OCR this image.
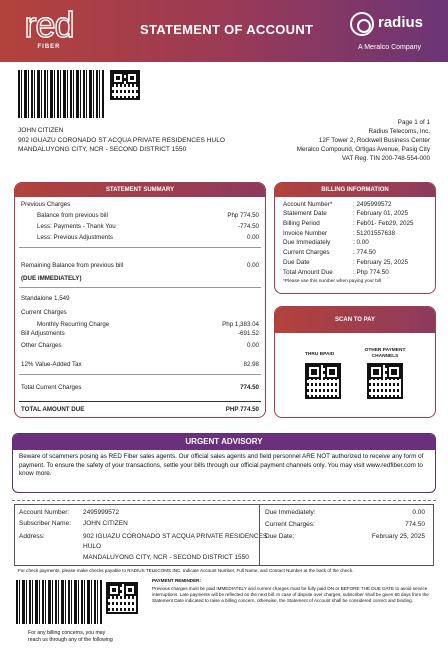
red
FIBER
STATEMENT OF ACCOUNT	radius
A Meralco Company
JOHN CITIZEN
902 IGUAZU CORONADO ST ACQUA PRIVATE RESIDENCES HULO
MANDALUYONG CITY, NCR - SECOND DISTRICT 1550
Page 1 of 1
Radius Telecoms, Inc.
12F Tower 2, Rockwell Business Center
Meralco Compound, Ortigas Avenue, Pasig City
VAT Reg. TIN 200-748-554-000
STATEMENT SUMMARY
Previous Charges
Balance from previous bill	Php 774.50
Less: Payments - Thank You	-774.50
Less: Previous Adjustments	0.00
Remaining Balance from previous bill	0.00
(DUE IMMEDIATELY)
Standalone 1,549
Current Charges
Monthly Recurring Charge	Php 1,383.04
Bill Adjustments	-691.52
Other Charges	0.00
12% Value-Added Tax	82.98
Total Current Charges	774.50
TOTAL AMOUNT DUE	PHP 774.50
BILLING INFORMATION
Account Number*	: 2495999572
Statement Date	: February 01, 2025
Billing Period	: Feb01- Feb29, 2025
Invoice Number	: 51201557638
Due Immediately	: 0.00
Current Charges	: 774.50
Due Date	: February 25, 2025
Total Amount Due	: Php 774.50
*Please use this number when paying your bill
SCAN TO PAY
THRU BPAID
OTHER PAYMENT CHANNELS
URGENT ADVISORY
Beware of scammers posing as RED Fiber sales agents. Our official sales agents and field personnel ARE NOT authorized to receive any form of payment. To ensure the safety of your transactions, settle your bills through our official payment channels only. You may visit www.redfiber.com to know more.
Account Number: 2495999572
Subscriber Name: JOHN CITIZEN
Address:	902 IGUAZU CORONADO ST ACQUA PRIVATE RESIDENCES
HULO
MANDALUYONG CITY, NCR - SECOND DISTRICT 1550
Due Immediately:	0.00
Current Charges:	774.50
Due Date:	February 25, 2025
For check payments, please make checks payable to RADIUS TELECOMS INC. Indicate Account Number, Full Name, and Contact Number at the back of the check.
PAYMENT REMINDER:
Previous charges must be paid IMMEDIATELY and current charges must be fully paid ON or BEFORE THE DUE DATE to avoid service interruptions. Late payments will be reflected on the next bill. In case of dispute over charges, subscriber shall be given 60 days from the Statement Date indicated to raise a billing concern, otherwise, the Statement of Account shall be considered correct and binding.
For any billing concerns, you may
reach us through any of the following
